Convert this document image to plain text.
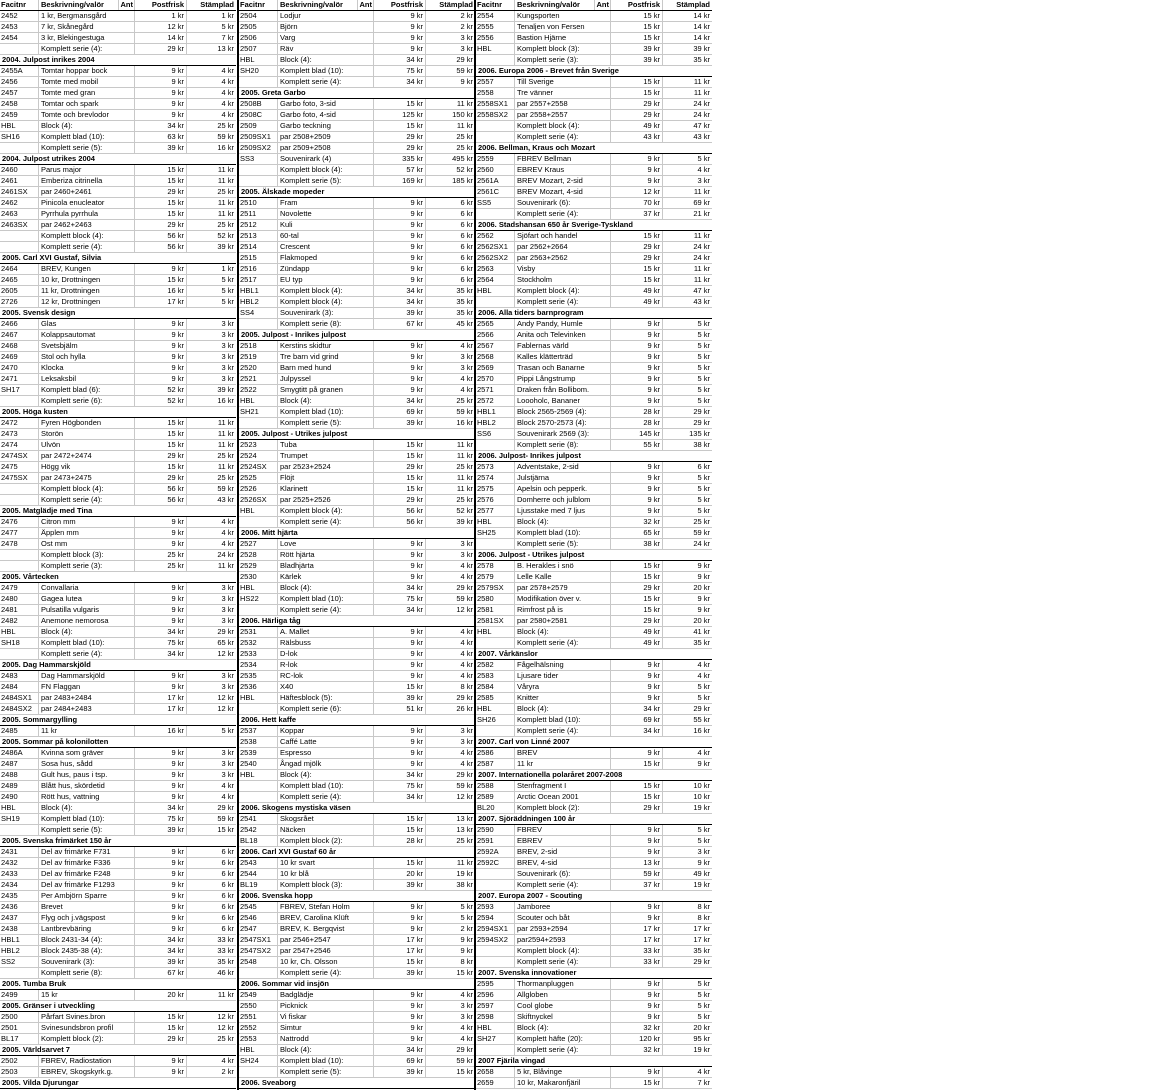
Facitnr	Beskrivning/valör	Ant	Postfrisk	Stämplad
2452	1 kr, Bergmansgård	1 kr	1 kr
2453	7 kr, Skånegård	12 kr	5 kr
2454	3 kr, Blekingestuga	14 kr	7 kr
Komplett serie (4):	29 kr	13 kr
2004. Julpost inrikes 2004
2455A	Tomtar hoppar bock	9 kr	4 kr
2456	Tomte med mobil	9 kr	4 kr
2457	Tomte med gran	9 kr	4 kr
2458	Tomtar och spark	9 kr	4 kr
2459	Tomte och brevlodor	9 kr	4 kr
HBL	Block (4):	34 kr	25 kr
SH16	Komplett blad (10):	63 kr	59 kr
Komplett serie (5):	39 kr	16 kr
2004. Julpost utrikes 2004
2460	Parus major	15 kr	11 kr
2461	Emberiza citrinella	15 kr	11 kr
2461SX	par 2460+2461	29 kr	25 kr
2462	Pinicola enucleator	15 kr	11 kr
2463	Pyrrhula pyrrhula	15 kr	11 kr
2463SX	par 2462+2463	29 kr	25 kr
Komplett block (4):	56 kr	52 kr
Komplett serie (4):	56 kr	39 kr
2005. Carl XVI Gustaf, Silvia
2464	BREV, Kungen	9 kr	1 kr
2465	10 kr, Drottningen	15 kr	5 kr
2605	11 kr, Drottningen	16 kr	5 kr
2726	12 kr, Drottningen	17 kr	5 kr
2005. Svensk design
2466	Glas	9 kr	3 kr
2467	Kolappsautomat	9 kr	3 kr
2468	Svetsbjälm	9 kr	3 kr
2469	Stol och hylla	9 kr	3 kr
2470	Klocka	9 kr	3 kr
2471	Leksaksbil	9 kr	3 kr
SH17	Komplett blad (6):	52 kr	39 kr
Komplett serie (6):	52 kr	16 kr
2005. Höga kusten
2472	Fyren Högbonden	15 kr	11 kr
2473	Storön	15 kr	11 kr
2474	Ulvön	15 kr	11 kr
2474SX	par 2472+2474	29 kr	25 kr
2475	Högg vik	15 kr	11 kr
2475SX	par 2473+2475	29 kr	25 kr
Komplett block (4):	56 kr	59 kr
Komplett serie (4):	56 kr	43 kr
2005. Matglädje med Tina
2476	Citron mm	9 kr	4 kr
2477	Äpplen mm	9 kr	4 kr
2478	Ost mm	9 kr	4 kr
Komplett block (3):	25 kr	24 kr
Komplett serie (3):	25 kr	11 kr
2005. Vårtecken
2479	Convallaria	9 kr	3 kr
2480	Gagea lutea	9 kr	3 kr
2481	Pulsatilla vulgaris	9 kr	3 kr
2482	Anemone nemorosa	9 kr	3 kr
HBL	Block (4):	34 kr	29 kr
SH18	Komplett blad (10):	75 kr	65 kr
Komplett serie (4):	34 kr	12 kr
2005. Dag Hammarskjöld
2483	Dag Hammarskjöld	9 kr	3 kr
2484	FN Flaggan	9 kr	3 kr
2484SX1	par 2483+2484	17 kr	12 kr
2484SX2	par 2484+2483	17 kr	12 kr
2005. Sommargylling
2485	11 kr	16 kr	5 kr
2005. Sommar på kolonilotten
2486A	Kvinna som gräver	9 kr	3 kr
2487	Sosa hus, sådd	9 kr	3 kr
2488	Gult hus, paus i tsp.	9 kr	3 kr
2489	Blått hus, skördetid	9 kr	4 kr
2490	Rött hus, vattning	9 kr	4 kr
HBL	Block (4):	34 kr	29 kr
SH19	Komplett blad (10):	75 kr	59 kr
Komplett serie (5):	39 kr	15 kr
2005. Svenska frimärket 150 år
2431	Del av frimärke F731	9 kr	6 kr
2432	Del av frimärke F336	9 kr	6 kr
2433	Del av frimärke F248	9 kr	6 kr
2434	Del av frimärke F1293	9 kr	6 kr
2435	Per Ambjörn Sparre	9 kr	6 kr
2436	Brevet	9 kr	6 kr
2437	Flyg och j.vägspost	9 kr	6 kr
2438	Lantbrevbäring	9 kr	6 kr
HBL1	Block 2431-34 (4):	34 kr	33 kr
HBL2	Block 2435-38 (4):	34 kr	33 kr
SS2	Souvenirark (3):	39 kr	35 kr
Komplett serie (8):	67 kr	46 kr
2005. Tumba Bruk
2499	15 kr	20 kr	11 kr
2005. Gränser i utveckling
2500	Pårfart Svines.bron	15 kr	12 kr
2501	Svinesundsbron profil	15 kr	12 kr
BL17	Komplett block (2):	29 kr	25 kr
2005. Världsarvet 7
2502	FBREV, Radiostation	9 kr	4 kr
2503	EBREV, Skogskyrk.g.	9 kr	2 kr
2005. Vilda Djurungar
Facitnr	Beskrivning/valör	Ant	Postfrisk	Stämplad
2504	Lodjur	9 kr	2 kr
2505	Björn	9 kr	2 kr
2506	Varg	9 kr	3 kr
2507	Räv	9 kr	3 kr
HBL	Block (4):	34 kr	29 kr
SH20	Komplett blad (10):	75 kr	59 kr
Komplett serie (4):	34 kr	9 kr
2005. Greta Garbo
2508B	Garbo foto, 3-sid	15 kr	11 kr
2508C	Garbo foto, 4-sid	125 kr	150 kr
2509	Garbo teckning	15 kr	11 kr
2509SX1	par 2508+2509	29 kr	25 kr
2509SX2	par 2509+2508	29 kr	25 kr
SS3	Souvenirark (4)	335 kr	495 kr
Komplett block (4):	57 kr	52 kr
Komplett serie (5):	169 kr	185 kr
2005. Älskade mopeder
2510	Fram	9 kr	6 kr
2511	Novolette	9 kr	6 kr
2512	Kuli	9 kr	6 kr
2513	60-tal	9 kr	6 kr
2514	Crescent	9 kr	6 kr
2515	Flakmoped	9 kr	6 kr
2516	Zündapp	9 kr	6 kr
2517	EU typ	9 kr	6 kr
HBL1	Komplett block (4):	34 kr	35 kr
HBL2	Komplett block (4):	34 kr	35 kr
SS4	Souvenirark (3):	39 kr	35 kr
Komplett serie (8):	67 kr	45 kr
2005. Julpost - Inrikes julpost
2518	Kerstins skidtur	9 kr	4 kr
2519	Tre barn vid grind	9 kr	3 kr
2520	Barn med hund	9 kr	3 kr
2521	Julpyssel	9 kr	4 kr
2522	Smygtitt på granen	9 kr	4 kr
HBL	Block (4):	34 kr	25 kr
SH21	Komplett blad (10):	69 kr	59 kr
Komplett serie (5):	39 kr	16 kr
2005. Julpost - Utrikes julpost
2523	Tuba	15 kr	11 kr
2524	Trumpet	15 kr	11 kr
2524SX	par 2523+2524	29 kr	25 kr
2525	Flöjt	15 kr	11 kr
2526	Klarinett	15 kr	11 kr
2526SX	par 2525+2526	29 kr	25 kr
HBL	Komplett block (4):	56 kr	52 kr
Komplett serie (4):	56 kr	39 kr
2006. Mitt hjärta
2527	Love	9 kr	3 kr
2528	Rött hjärta	9 kr	3 kr
2529	Bladhjärta	9 kr	4 kr
2530	Kärlek	9 kr	4 kr
HBL	Block (4):	34 kr	29 kr
HS22	Komplett blad (10):	75 kr	59 kr
Komplett serie (4):	34 kr	12 kr
2006. Härliga tåg
2531	A. Mallet	9 kr	4 kr
2532	Rälsbuss	9 kr	4 kr
2533	D-lok	9 kr	4 kr
2534	R-lok	9 kr	4 kr
2535	RC-lok	9 kr	4 kr
2536	X40	15 kr	8 kr
HBL	Häftesblock (5):	39 kr	29 kr
Komplett serie (6):	51 kr	26 kr
2006. Hett kaffe
2537	Koppar	9 kr	3 kr
2538	Caffé Latte	9 kr	3 kr
2539	Espresso	9 kr	4 kr
2540	Ångad mjölk	9 kr	4 kr
HBL	Block (4):	34 kr	29 kr
Komplett blad (10):	75 kr	59 kr
Komplett serie (4):	34 kr	12 kr
2006. Skogens mystiska väsen
2541	Skogsrået	15 kr	13 kr
2542	Näcken	15 kr	13 kr
BL18	Komplett block (2):	28 kr	25 kr
2006. Carl XVI Gustaf 60 år
2543	10 kr svart	15 kr	11 kr
2544	10 kr blå	20 kr	19 kr
BL19	Komplett block (3):	39 kr	38 kr
2006. Svenska hopp
2545	FBREV, Stefan Holm	9 kr	5 kr
2546	BREV, Carolina Klüft	9 kr	5 kr
2547	BREV, K. Bergqvist	9 kr	2 kr
2547SX1	par 2546+2547	17 kr	9 kr
2547SX2	par 2547+2546	17 kr	9 kr
2548	10 kr, Ch. Olsson	15 kr	8 kr
Komplett serie (4):	39 kr	15 kr
2006. Sommar vid insjön
2549	Badglädje	9 kr	4 kr
2550	Picknick	9 kr	3 kr
2551	Vi fiskar	9 kr	3 kr
2552	Simtur	9 kr	4 kr
2553	Nattrodd	9 kr	4 kr
HBL	Block (4):	34 kr	29 kr
SH24	Komplett blad (10):	69 kr	59 kr
Komplett serie (5):	39 kr	15 kr
2006. Sveaborg
Facitnr	Beskrivning/valör	Ant	Postfrisk	Stämplad
2554	Kungsporten	15 kr	14 kr
2555	Tenaljen von Fersen	15 kr	14 kr
2556	Bastion Hjärne	15 kr	14 kr
HBL	Komplett block (3):	39 kr	39 kr
Komplett serie (3):	39 kr	35 kr
2006. Europa 2006 - Brevet från Sverige
2557	Till Sverige	15 kr	11 kr
2558	Tre vänner	15 kr	11 kr
2558SX1	par 2557+2558	29 kr	24 kr
2558SX2	par 2558+2557	29 kr	24 kr
Komplett block (4):	49 kr	47 kr
Komplett serie (4):	43 kr	43 kr
2006. Bellman, Kraus och Mozart
2559	FBREV Bellman	9 kr	5 kr
2560	EBREV Kraus	9 kr	4 kr
2561A	BREV Mozart, 2-sid	9 kr	3 kr
2561C	BREV Mozart, 4-sid	12 kr	11 kr
SS5	Souvenirark (6):	70 kr	69 kr
Komplett serie (4):	37 kr	21 kr
2006. Stadshansan 650 år Sverige-Tyskland
2562	Sjöfart och handel	15 kr	11 kr
2562SX1	par 2562+2664	29 kr	24 kr
2562SX2	par 2563+2562	29 kr	24 kr
2563	Visby	15 kr	11 kr
2564	Stockholm	15 kr	11 kr
HBL	Komplett block (4):	49 kr	47 kr
Komplett serie (4):	49 kr	43 kr
2006. Alla tiders barnprogram
2565	Andy Pandy, Humle	9 kr	5 kr
2566	Anita och Televinken	9 kr	5 kr
2567	Fablernas värld	9 kr	5 kr
2568	Kalles klätterträd	9 kr	5 kr
2569	Trasan och Banarne	9 kr	5 kr
2570	Pippi Långstrump	9 kr	5 kr
2571	Draken från Bollibom.	9 kr	5 kr
2572	Loooholc, Bananer	9 kr	5 kr
HBL1	Block 2565-2569 (4):	28 kr	29 kr
HBL2	Block 2570-2573 (4):	28 kr	29 kr
SS6	Souvenirark 2569 (3):	145 kr	135 kr
Komplett serie (8):	55 kr	38 kr
2006. Julpost- Inrikes julpost
2573	Adventstake, 2-sid	9 kr	6 kr
2574	Julstjärna	9 kr	5 kr
2575	Apelsin och pepperk.	9 kr	5 kr
2576	Domherre och julblom	9 kr	5 kr
2577	Ljusstake med 7 ljus	9 kr	5 kr
HBL	Block (4):	32 kr	25 kr
SH25	Komplett blad (10):	65 kr	59 kr
Komplett serie (5):	38 kr	24 kr
2006. Julpost - Utrikes julpost
2578	B. Herakles i snö	15 kr	9 kr
2579	Lelle Kalle	15 kr	9 kr
2579SX	par 2578+2579	29 kr	20 kr
2580	Modifikation över v.	15 kr	9 kr
2581	Rimfrost på is	15 kr	9 kr
2581SX	par 2580+2581	29 kr	20 kr
HBL	Block (4):	49 kr	41 kr
Komplett serie (4):	49 kr	35 kr
2007. Vårkänslor
2582	Fågelhälsning	9 kr	4 kr
2583	Ljusare tider	9 kr	4 kr
2584	Våryra	9 kr	5 kr
2585	Knitter	9 kr	5 kr
HBL	Block (4):	34 kr	29 kr
SH26	Komplett blad (10):	69 kr	55 kr
Komplett serie (4):	34 kr	16 kr
2007. Carl von Linné 2007
2586	BREV	9 kr	4 kr
2587	11 kr	15 kr	9 kr
2007. Internationella polaråret 2007-2008
2588	Stenfragment I	15 kr	10 kr
2589	Arctic Ocean 2001	15 kr	10 kr
BL20	Komplett block (2):	29 kr	19 kr
2007. Sjöräddningen 100 år
2590	FBREV	9 kr	5 kr
2591	EBREV	9 kr	5 kr
2592A	BREV, 2-sid	9 kr	3 kr
2592C	BREV, 4-sid	13 kr	9 kr
Souvenirark (6):	59 kr	49 kr
Komplett serie (4):	37 kr	19 kr
2007. Europa 2007 - Scouting
2593	Jamboree	9 kr	8 kr
2594	Scouter och båt	9 kr	8 kr
2594SX1	par 2593+2594	17 kr	17 kr
2594SX2	par2594+2593	17 kr	17 kr
Komplett block (4):	33 kr	35 kr
Komplett serie (4):	33 kr	29 kr
2007. Svenska innovationer
2595	Thormanpluggen	9 kr	5 kr
2596	Allgloben	9 kr	5 kr
2597	Cool globe	9 kr	5 kr
2598	Skiftnyckel	9 kr	5 kr
HBL	Block (4):	32 kr	20 kr
SH27	Komplett häfte (20):	120 kr	95 kr
Komplett serie (4):	32 kr	19 kr
2007 Fjärila vingad
2658	5 kr, Blåvinge	9 kr	4 kr
2659	10 kr, Makaronfjäril	15 kr	7 kr
